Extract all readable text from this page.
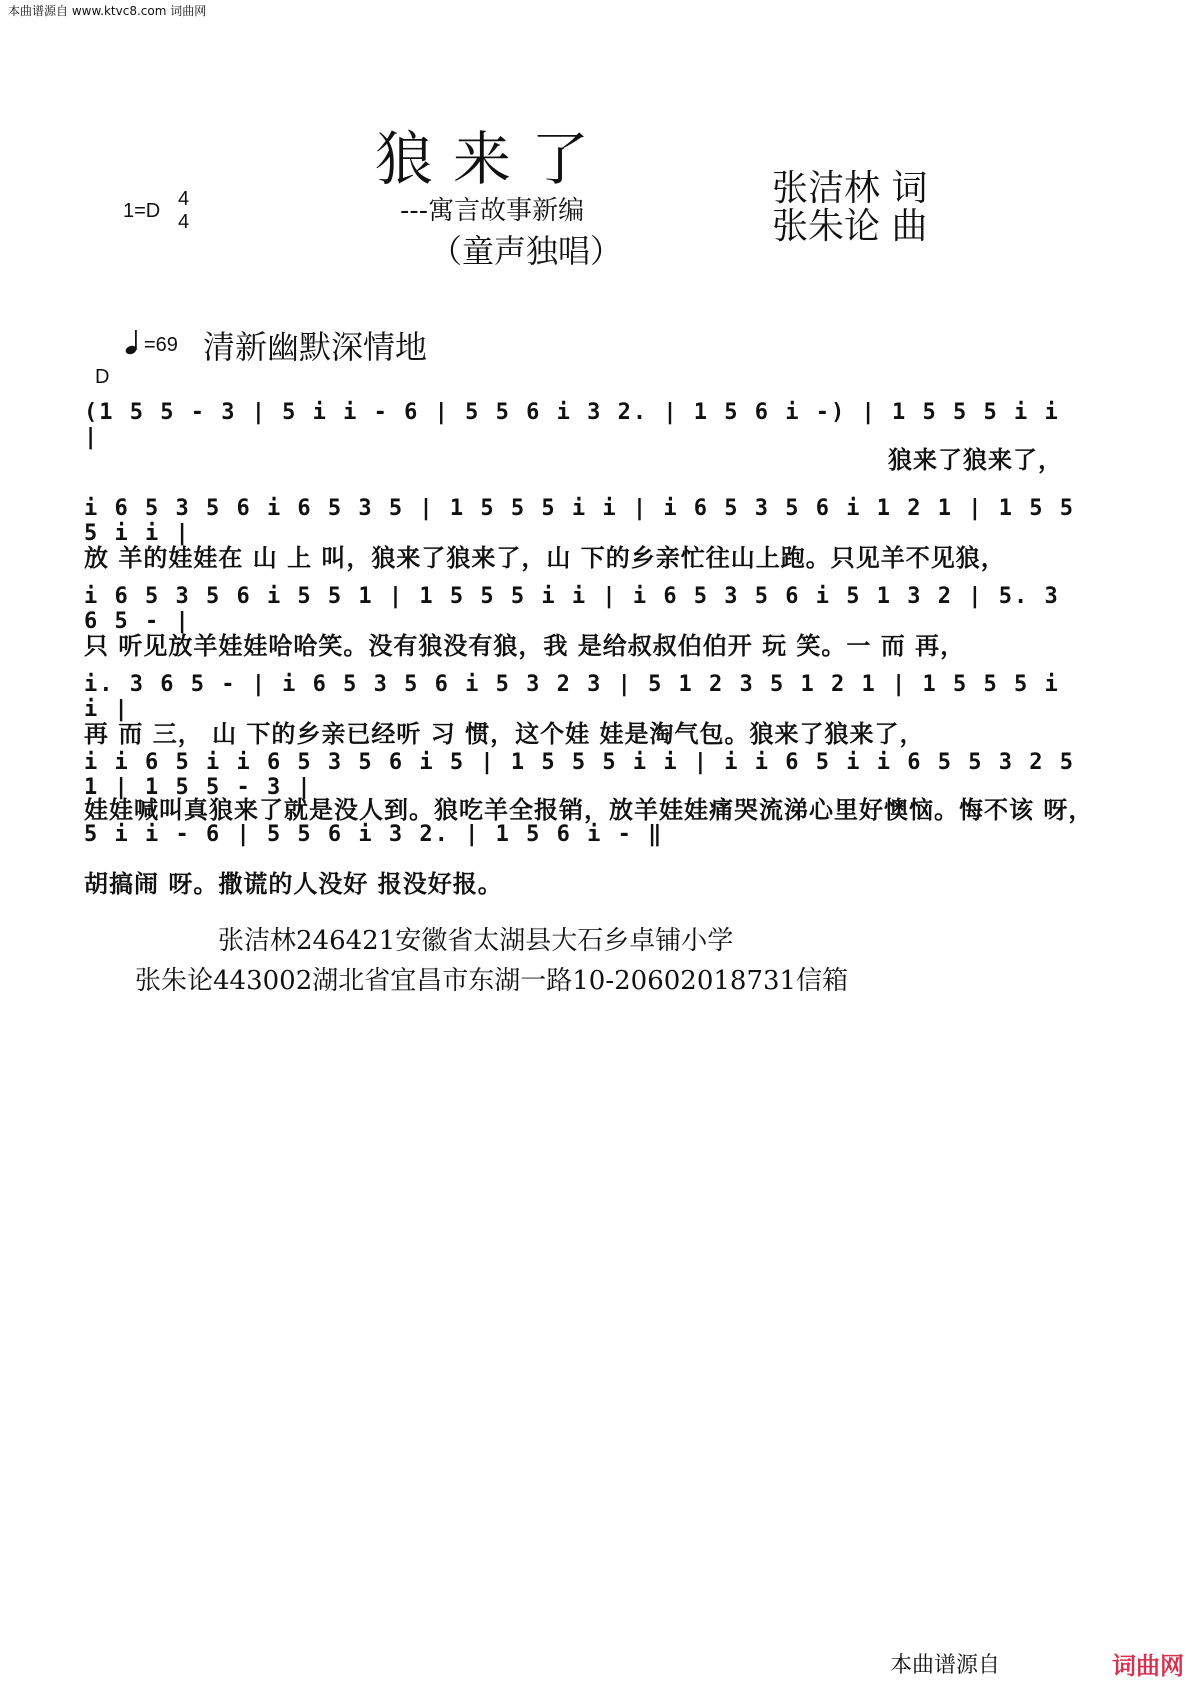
本曲谱源自 www.ktvc8.com 词曲网
狼来了
---寓言故事新编
（童声独唱）
张洁林 词
张朱论 曲
1=D
4
4
=69 清新幽默深情地
D
(1 5 5 - 3 | 5 i i - 6 | 5 5 6 i 3 2. | 1 5 6 i -) | 1 5 5 5 i i |
狼来了狼来了，
i 6 5 3 5 6 i 6 5 3 5 | 1 5 5 5 i i | i 6 5 3 5 6 i 1 2 1 | 1 5 5 5 i i |
放 羊的娃娃在 山 上 叫，狼来了狼来了，山 下的乡亲忙往山上跑。只见羊不见狼，
i 6 5 3 5 6 i 5 5 1 | 1 5 5 5 i i | i 6 5 3 5 6 i 5 1 3 2 | 5. 3 6 5 - |
只 听见放羊娃娃哈哈笑。没有狼没有狼，我 是给叔叔伯伯开 玩 笑。一 而 再，
i. 3 6 5 - | i 6 5 3 5 6 i 5 3 2 3 | 5 1 2 3 5 1 2 1 | 1 5 5 5 i i |
再 而 三， 山 下的乡亲已经听 习 惯，这个娃 娃是淘气包。狼来了狼来了，
i i 6 5 i i 6 5 3 5 6 i 5 | 1 5 5 5 i i | i i 6 5 i i 6 5 5 3 2 5 1 | 1 5 5 - 3 |
娃娃喊叫真狼来了就是没人到。狼吃羊全报销，放羊娃娃痛哭流涕心里好懊恼。悔不该 呀，
5 i i - 6 | 5 5 6 i 3 2. | 1 5 6 i - ‖
胡搞闹 呀。撒谎的人没好 报没好报。
张洁林246421安徽省太湖县大石乡卓铺小学
张朱论443002湖北省宜昌市东湖一路10-20602018731信箱
本曲谱源自	词曲网
